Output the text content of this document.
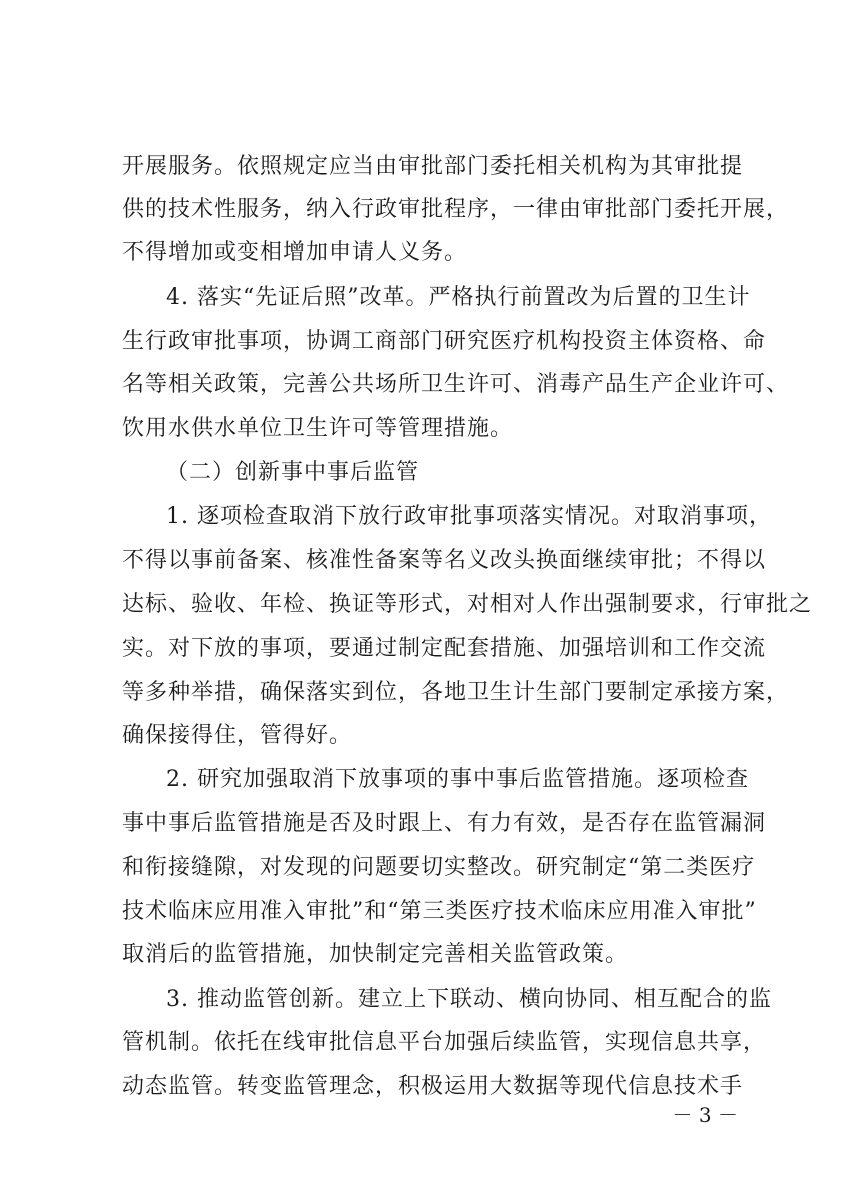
开展服务。依照规定应当由审批部门委托相关机构为其审批提
供的技术性服务，纳入行政审批程序，一律由审批部门委托开展，
不得增加或变相增加申请人义务。
4. 落实“先证后照”改革。严格执行前置改为后置的卫生计
生行政审批事项，协调工商部门研究医疗机构投资主体资格、命
名等相关政策，完善公共场所卫生许可、消毒产品生产企业许可、
饮用水供水单位卫生许可等管理措施。
（二）创新事中事后监管
1. 逐项检查取消下放行政审批事项落实情况。对取消事项，
不得以事前备案、核准性备案等名义改头换面继续审批；不得以
达标、验收、年检、换证等形式，对相对人作出强制要求，行审批之
实。对下放的事项，要通过制定配套措施、加强培训和工作交流
等多种举措，确保落实到位，各地卫生计生部门要制定承接方案，
确保接得住，管得好。
2. 研究加强取消下放事项的事中事后监管措施。逐项检查
事中事后监管措施是否及时跟上、有力有效，是否存在监管漏洞
和衔接缝隙，对发现的问题要切实整改。研究制定“第二类医疗
技术临床应用准入审批”和“第三类医疗技术临床应用准入审批”
取消后的监管措施，加快制定完善相关监管政策。
3. 推动监管创新。建立上下联动、横向协同、相互配合的监
管机制。依托在线审批信息平台加强后续监管，实现信息共享，
动态监管。转变监管理念，积极运用大数据等现代信息技术手
－ 3 －
